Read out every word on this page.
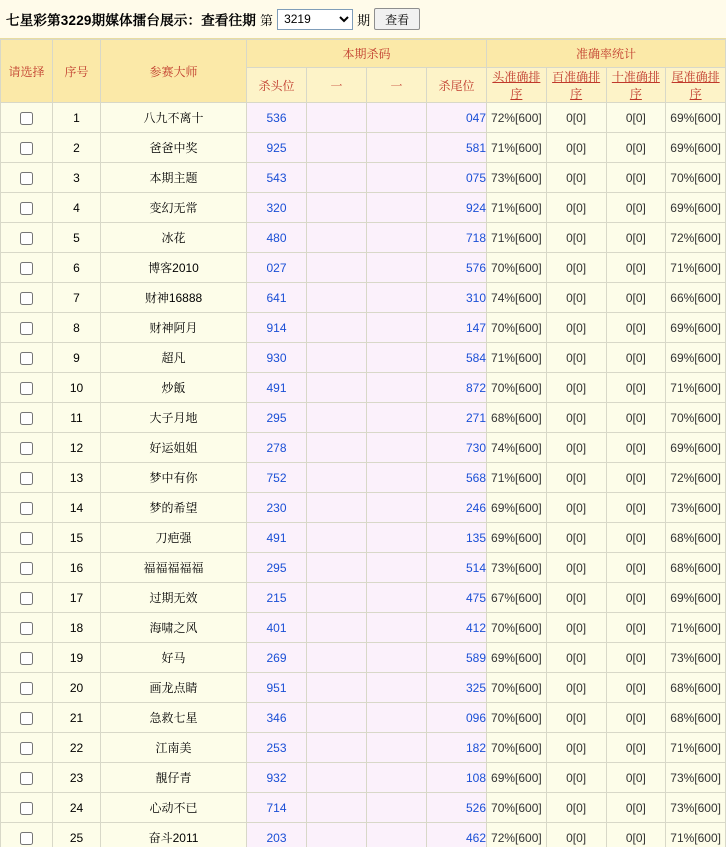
七星彩第3229期媒体擂台展示：查看往期 第
3219	期	查看
请选择	序号	参赛大师	本期杀码				准确率统计			
			杀头位	一	一	杀尾位	头准确排序	百准确排序	十准确排序	尾准确排序
	1	八九不离十	536			047	72%[600]	0[0]	0[0]	69%[600]
	2	爸爸中奖	925			581	71%[600]	0[0]	0[0]	69%[600]
	3	本期主题	543			075	73%[600]	0[0]	0[0]	70%[600]
	4	变幻无常	320			924	71%[600]	0[0]	0[0]	69%[600]
	5	冰花	480			718	71%[600]	0[0]	0[0]	72%[600]
	6	博客2010	027			576	70%[600]	0[0]	0[0]	71%[600]
	7	财神16888	641			310	74%[600]	0[0]	0[0]	66%[600]
	8	财神阿月	914			147	70%[600]	0[0]	0[0]	69%[600]
	9	超凡	930			584	71%[600]	0[0]	0[0]	69%[600]
	10	炒飯	491			872	70%[600]	0[0]	0[0]	71%[600]
	11	大子月地	295			271	68%[600]	0[0]	0[0]	70%[600]
	12	好运姐姐	278			730	74%[600]	0[0]	0[0]	69%[600]
	13	梦中有你	752			568	71%[600]	0[0]	0[0]	72%[600]
	14	梦的希望	230			246	69%[600]	0[0]	0[0]	73%[600]
	15	刀疤强	491			135	69%[600]	0[0]	0[0]	68%[600]
	16	福福福福福	295			514	73%[600]	0[0]	0[0]	68%[600]
	17	过期无效	215			475	67%[600]	0[0]	0[0]	69%[600]
	18	海啸之风	401			412	70%[600]	0[0]	0[0]	71%[600]
	19	好马	269			589	69%[600]	0[0]	0[0]	73%[600]
	20	画龙点睛	951			325	70%[600]	0[0]	0[0]	68%[600]
	21	急救七星	346			096	70%[600]	0[0]	0[0]	68%[600]
	22	江南美	253			182	70%[600]	0[0]	0[0]	71%[600]
	23	靚仔青	932			108	69%[600]	0[0]	0[0]	73%[600]
	24	心动不已	714			526	70%[600]	0[0]	0[0]	73%[600]
	25	奋斗2011	203			462	72%[600]	0[0]	0[0]	71%[600]
